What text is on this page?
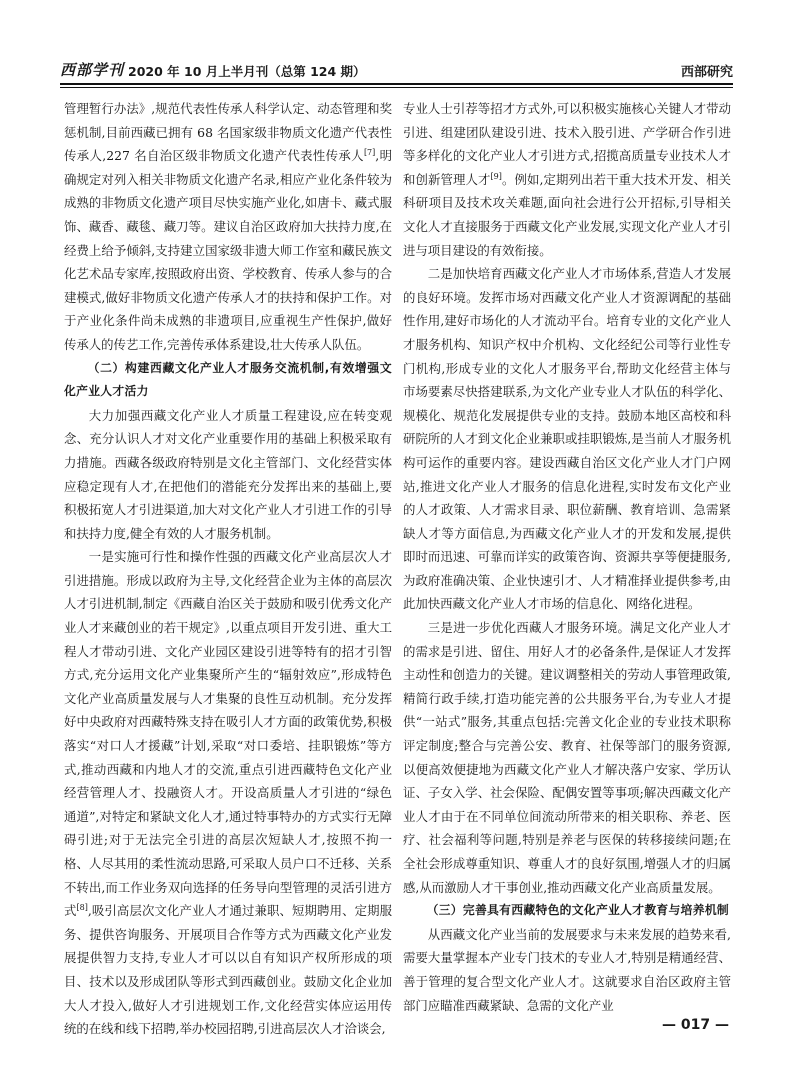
西部学刊 2020 年 10 月上半月刊（总第 124 期）	西部研究

管理暂行办法》,规范代表性传承人科学认定、动态管理和奖惩机制,目前西藏已拥有 68 名国家级非物质文化遗产代表性传承人,227 名自治区级非物质文化遗产代表性传承人[7],明确规定对列入相关非物质文化遗产名录,相应产业化条件较为成熟的非物质文化遗产项目尽快实施产业化,如唐卡、藏式服饰、藏香、藏毯、藏刀等。建议自治区政府加大扶持力度,在经费上给予倾斜,支持建立国家级非遗大师工作室和藏民族文化艺术品专家库,按照政府出资、学校教育、传承人参与的合建模式,做好非物质文化遗产传承人才的扶持和保护工作。对于产业化条件尚未成熟的非遗项目,应重视生产性保护,做好传承人的传艺工作,完善传承体系建设,壮大传承人队伍。

（二）构建西藏文化产业人才服务交流机制,有效增强文化产业人才活力

大力加强西藏文化产业人才质量工程建设,应在转变观念、充分认识人才对文化产业重要作用的基础上积极采取有力措施。西藏各级政府特别是文化主管部门、文化经营实体应稳定现有人才,在把他们的潜能充分发挥出来的基础上,要积极拓宽人才引进渠道,加大对文化产业人才引进工作的引导和扶持力度,健全有效的人才服务机制。

一是实施可行性和操作性强的西藏文化产业高层次人才引进措施。形成以政府为主导,文化经营企业为主体的高层次人才引进机制,制定《西藏自治区关于鼓励和吸引优秀文化产业人才来藏创业的若干规定》,以重点项目开发引进、重大工程人才带动引进、文化产业园区建设引进等特有的招才引智方式,充分运用文化产业集聚所产生的“辐射效应”,形成特色文化产业高质量发展与人才集聚的良性互动机制。充分发挥好中央政府对西藏特殊支持在吸引人才方面的政策优势,积极落实“对口人才援藏”计划,采取“对口委培、挂职锻炼”等方式,推动西藏和内地人才的交流,重点引进西藏特色文化产业经营管理人才、投融资人才。开设高质量人才引进的“绿色通道”,对特定和紧缺文化人才,通过特事特办的方式实行无障碍引进;对于无法完全引进的高层次短缺人才,按照不拘一格、人尽其用的柔性流动思路,可采取人员户口不迁移、关系不转出,而工作业务双向选择的任务导向型管理的灵活引进方式[8],吸引高层次文化产业人才通过兼职、短期聘用、定期服务、提供咨询服务、开展项目合作等方式为西藏文化产业发展提供智力支持,专业人才可以以自有知识产权所形成的项目、技术以及形成团队等形式到西藏创业。鼓励文化企业加大人才投入,做好人才引进规划工作,文化经营实体应运用传统的在线和线下招聘,举办校园招聘,引进高层次人才洽谈会,

专业人士引荐等招才方式外,可以积极实施核心关键人才带动引进、组建团队建设引进、技术入股引进、产学研合作引进等多样化的文化产业人才引进方式,招揽高质量专业技术人才和创新管理人才[9]。例如,定期列出若干重大技术开发、相关科研项目及技术攻关难题,面向社会进行公开招标,引导相关文化人才直接服务于西藏文化产业发展,实现文化产业人才引进与项目建设的有效衔接。

二是加快培育西藏文化产业人才市场体系,营造人才发展的良好环境。发挥市场对西藏文化产业人才资源调配的基础性作用,建好市场化的人才流动平台。培育专业的文化产业人才服务机构、知识产权中介机构、文化经纪公司等行业性专门机构,形成专业的文化人才服务平台,帮助文化经营主体与市场要素尽快搭建联系,为文化产业专业人才队伍的科学化、规模化、规范化发展提供专业的支持。鼓励本地区高校和科研院所的人才到文化企业兼职或挂职锻炼,是当前人才服务机构可运作的重要内容。建设西藏自治区文化产业人才门户网站,推进文化产业人才服务的信息化进程,实时发布文化产业的人才政策、人才需求目录、职位薪酬、教育培训、急需紧缺人才等方面信息,为西藏文化产业人才的开发和发展,提供即时而迅速、可靠而详实的政策咨询、资源共享等便捷服务,为政府准确决策、企业快速引才、人才精准择业提供参考,由此加快西藏文化产业人才市场的信息化、网络化进程。

三是进一步优化西藏人才服务环境。满足文化产业人才的需求是引进、留住、用好人才的必备条件,是保证人才发挥主动性和创造力的关键。建议调整相关的劳动人事管理政策,精简行政手续,打造功能完善的公共服务平台,为专业人才提供“一站式”服务,其重点包括:完善文化企业的专业技术职称评定制度;整合与完善公安、教育、社保等部门的服务资源,以便高效便捷地为西藏文化产业人才解决落户安家、学历认证、子女入学、社会保险、配偶安置等事项;解决西藏文化产业人才由于在不同单位间流动所带来的相关职称、养老、医疗、社会福利等问题,特别是养老与医保的转移接续问题;在全社会形成尊重知识、尊重人才的良好氛围,增强人才的归属感,从而激励人才干事创业,推动西藏文化产业高质量发展。

（三）完善具有西藏特色的文化产业人才教育与培养机制

从西藏文化产业当前的发展要求与未来发展的趋势来看,需要大量掌握本产业专门技术的专业人才,特别是精通经营、善于管理的复合型文化产业人才。这就要求自治区政府主管部门应瞄准西藏紧缺、急需的文化产业

— 017 —
